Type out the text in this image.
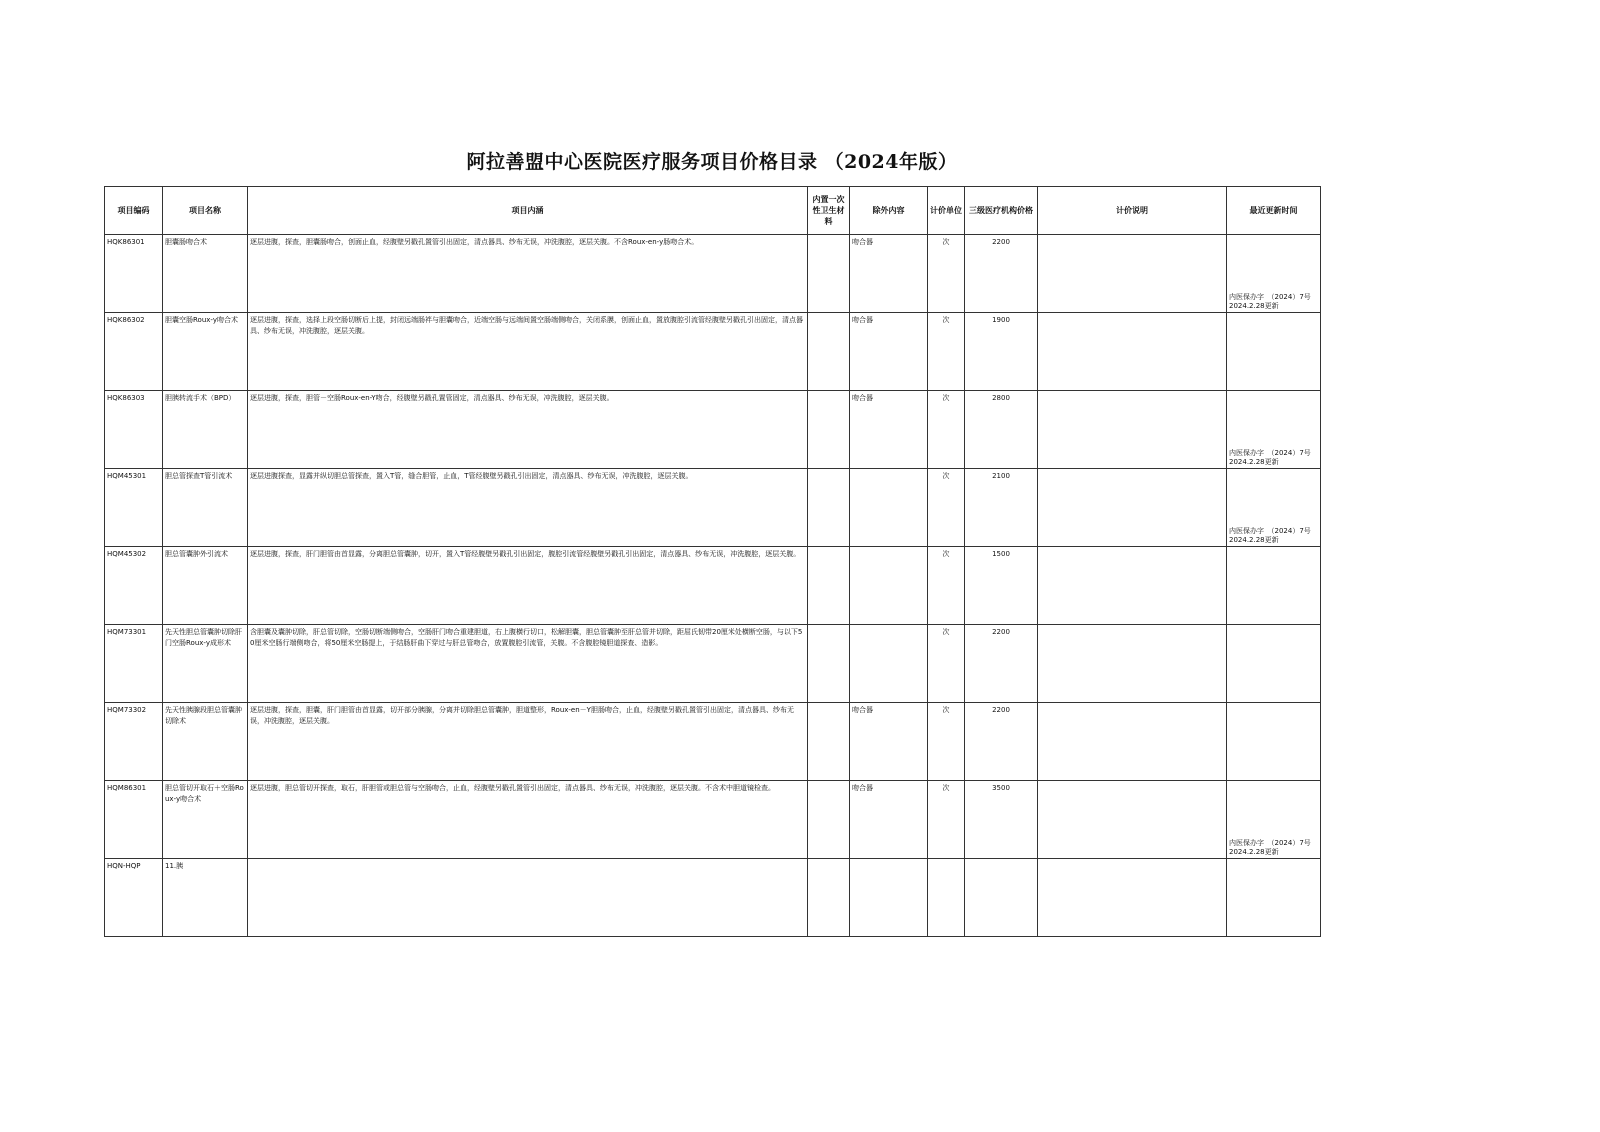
阿拉善盟中心医院医疗服务项目价格目录 （2024年版）
项目编码	项目名称	项目内涵	内置一次性卫生材料	除外内容	计价单位	三级医疗机构价格	计价说明	最近更新时间
HQK86301	胆囊肠吻合术	逐层进腹，探查，胆囊肠吻合，创面止血，经腹壁另戳孔置管引出固定，清点器具、纱布无误，冲洗腹腔，逐层关腹。不含Roux-en-y肠吻合术。		吻合器	次	2200		内医保办字　（2024）7号　2024.2.28更新

HQK86302	胆囊空肠Roux-y吻合术	逐层进腹，探查，选择上段空肠切断后上提，封闭远端肠袢与胆囊吻合，近端空肠与远端间置空肠端侧吻合，关闭系膜，创面止血，置放腹腔引流管经腹壁另戳孔引出固定，清点器具、纱布无误，冲洗腹腔，逐层关腹。		吻合器	次	1900		

HQK86303	胆胰转流手术（BPD）	逐层进腹，探查，胆管－空肠Roux-en-Y吻合，经腹壁另戳孔置管固定，清点器具、纱布无误，冲洗腹腔，逐层关腹。		吻合器	次	2800		内医保办字　（2024）7号　2024.2.28更新

HQM45301	胆总管探查T管引流术	逐层进腹探查，显露并纵切胆总管探查，置入T管，缝合胆管，止血，T管经腹壁另戳孔引出固定，清点器具、纱布无误，冲洗腹腔，逐层关腹。			次	2100		内医保办字　（2024）7号　2024.2.28更新

HQM45302	胆总管囊肿外引流术	逐层进腹，探查，肝门胆管由首显露，分离胆总管囊肿，切开，置入T管经腹壁另戳孔引出固定，腹腔引流管经腹壁另戳孔引出固定，清点器具、纱布无误，冲洗腹腔，逐层关腹。			次	1500		

HQM73301	先天性胆总管囊肿切除肝门空肠Roux-y成形术	含胆囊及囊肿切除，肝总管切除，空肠切断端侧吻合，空肠肝门吻合重建胆道，右上腹横行切口，松解胆囊，胆总管囊肿至肝总管并切除，距屈氏韧带20厘米处横断空肠，与以下50厘米空肠行端侧吻合，将50厘米空肠提上，于结肠肝曲下穿过与肝总管吻合，放置腹腔引流管，关腹。不含腹腔镜胆道探查、造影。			次	2200		

HQM73302	先天性胰腺段胆总管囊肿切除术	逐层进腹，探查，胆囊，肝门胆管由首显露，切开部分胰腺，分离并切除胆总管囊肿，胆道整形，Roux-en－Y胆肠吻合，止血，经腹壁另戳孔置管引出固定，清点器具、纱布无误，冲洗腹腔，逐层关腹。		吻合器	次	2200		

HQM86301	胆总管切开取石＋空肠Roux-y吻合术	逐层进腹，胆总管切开探查，取石，肝胆管或胆总管与空肠吻合，止血，经腹壁另戳孔置管引出固定，清点器具、纱布无误，冲洗腹腔，逐层关腹。不含术中胆道镜检查。		吻合器	次	3500		内医保办字　（2024）7号　2024.2.28更新

HQN-HQP	11.胰							
